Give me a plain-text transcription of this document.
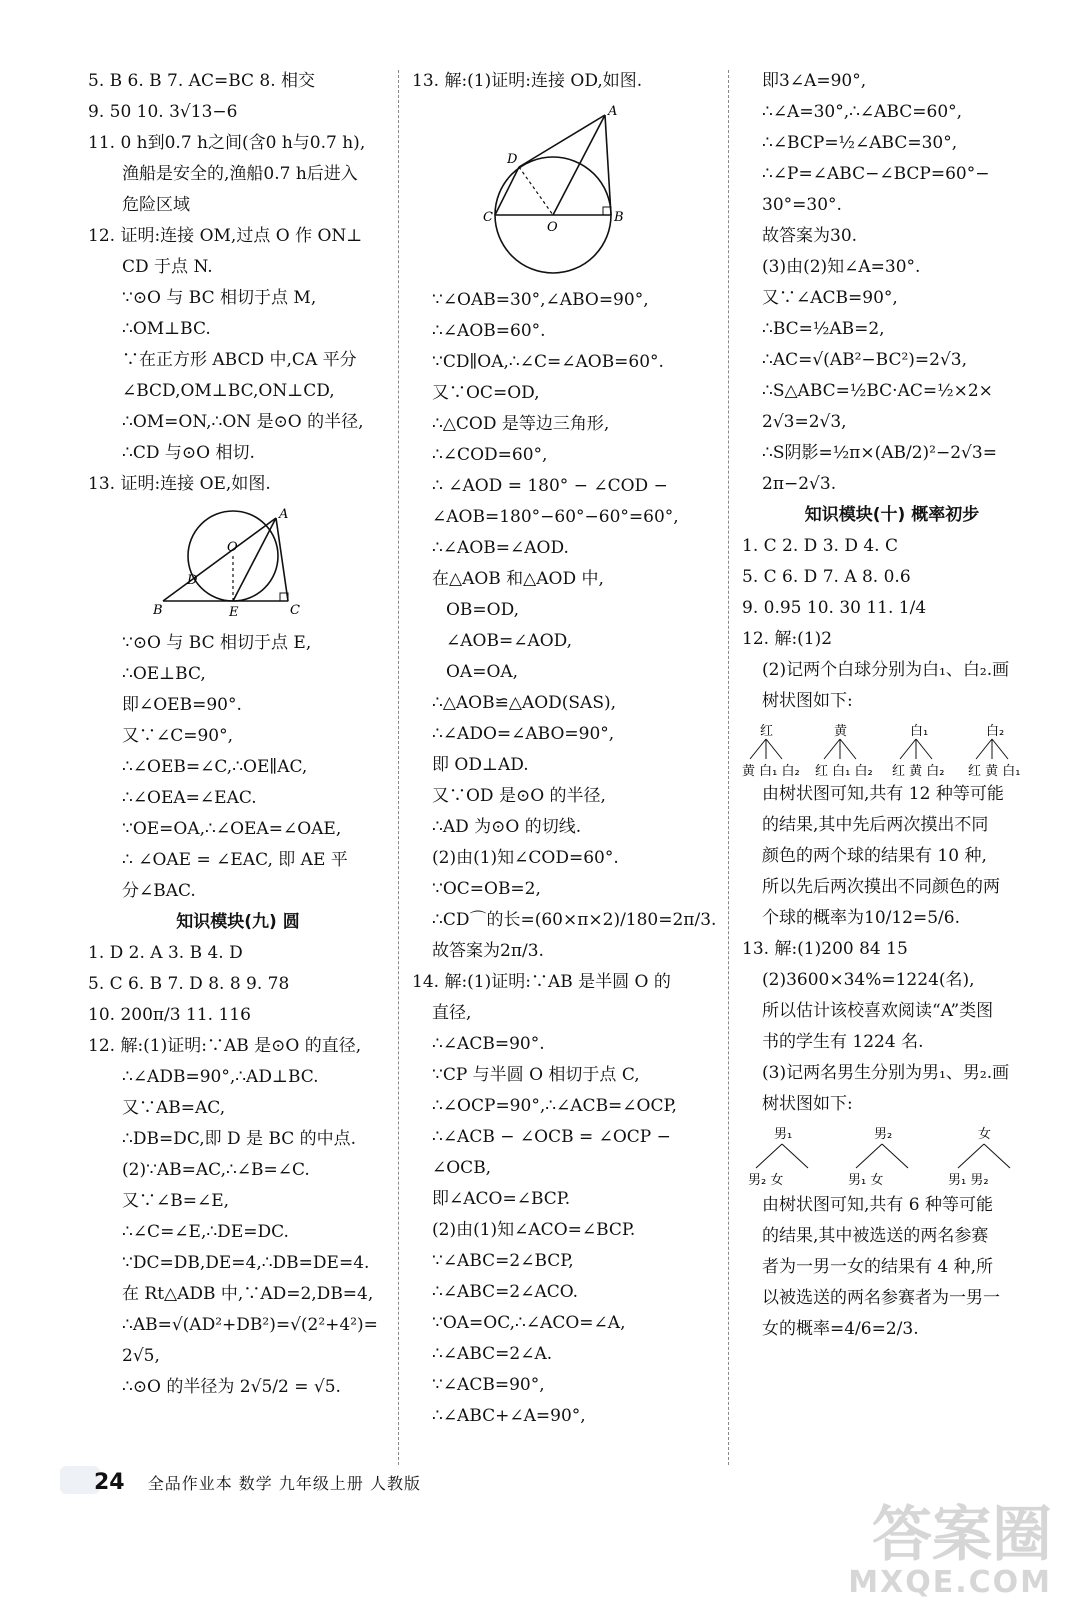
5. B 6. B 7. AC=BC 8. 相交
9. 50 10. 3√13−6
11. 0 h到0.7 h之间(含0 h与0.7 h),
渔船是安全的,渔船0.7 h后进入
危险区域
12. 证明:连接 OM,过点 O 作 ON⊥
CD 于点 N.
∵⊙O 与 BC 相切于点 M,
∴OM⊥BC.
∵在正方形 ABCD 中,CA 平分
∠BCD,OM⊥BC,ON⊥CD,
∴OM=ON,∴ON 是⊙O 的半径,
∴CD 与⊙O 相切.
13. 证明:连接 OE,如图.
A
O
D
B	E	C
∵⊙O 与 BC 相切于点 E,
∴OE⊥BC,
即∠OEB=90°.
又∵∠C=90°,
∴∠OEB=∠C,∴OE∥AC,
∴∠OEA=∠EAC.
∵OE=OA,∴∠OEA=∠OAE,
∴ ∠OAE = ∠EAC, 即 AE 平
分∠BAC.
知识模块(九) 圆
1. D 2. A 3. B 4. D
5. C 6. B 7. D 8. 8 9. 78
10. 200π/3 11. 116
12. 解:(1)证明:∵AB 是⊙O 的直径,
∴∠ADB=90°,∴AD⊥BC.
又∵AB=AC,
∴DB=DC,即 D 是 BC 的中点.
(2)∵AB=AC,∴∠B=∠C.
又∵∠B=∠E,
∴∠C=∠E,∴DE=DC.
∵DC=DB,DE=4,∴DB=DE=4.
在 Rt△ADB 中,∵AD=2,DB=4,
∴AB=√(AD²+DB²)=√(2²+4²)=
2√5,
∴⊙O 的半径为 2√5/2 = √5.
13. 解:(1)证明:连接 OD,如图.
A
D
C
O
B
∵∠OAB=30°,∠ABO=90°,
∴∠AOB=60°.
∵CD∥OA,∴∠C=∠AOB=60°.
又∵OC=OD,
∴△COD 是等边三角形,
∴∠COD=60°,
∴ ∠AOD = 180° − ∠COD −
∠AOB=180°−60°−60°=60°,
∴∠AOB=∠AOD.
在△AOB 和△AOD 中,
OB=OD,
∠AOB=∠AOD,
OA=OA,
∴△AOB≌△AOD(SAS),
∴∠ADO=∠ABO=90°,
即 OD⊥AD.
又∵OD 是⊙O 的半径,
∴AD 为⊙O 的切线.
(2)由(1)知∠COD=60°.
∵OC=OB=2,
∴CD⌒的长=(60×π×2)/180=2π/3.
故答案为2π/3.
14. 解:(1)证明:∵AB 是半圆 O 的
直径,
∴∠ACB=90°.
∵CP 与半圆 O 相切于点 C,
∴∠OCP=90°,∴∠ACB=∠OCP,
∴∠ACB − ∠OCB = ∠OCP −
∠OCB,
即∠ACO=∠BCP.
(2)由(1)知∠ACO=∠BCP.
∵∠ABC=2∠BCP,
∴∠ABC=2∠ACO.
∵OA=OC,∴∠ACO=∠A,
∴∠ABC=2∠A.
∵∠ACB=90°,
∴∠ABC+∠A=90°,
即3∠A=90°,
∴∠A=30°,∴∠ABC=60°,
∴∠BCP=½∠ABC=30°,
∴∠P=∠ABC−∠BCP=60°−
30°=30°.
故答案为30.
(3)由(2)知∠A=30°.
又∵∠ACB=90°,
∴BC=½AB=2,
∴AC=√(AB²−BC²)=2√3,
∴S△ABC=½BC·AC=½×2×
2√3=2√3,
∴S阴影=½π×(AB/2)²−2√3=
2π−2√3.
知识模块(十) 概率初步
1. C 2. D 3. D 4. C
5. C 6. D 7. A 8. 0.6
9. 0.95 10. 30 11. 1/4
12. 解:(1)2
(2)记两个白球分别为白₁、白₂.画
树状图如下:
红
黄 白₁ 白₂
黄
红 白₁ 白₂
白₁
红 黄 白₂
白₂
红 黄 白₁
由树状图可知,共有 12 种等可能
的结果,其中先后两次摸出不同
颜色的两个球的结果有 10 种,
所以先后两次摸出不同颜色的两
个球的概率为10/12=5/6.
13. 解:(1)200 84 15
(2)3600×34%=1224(名),
所以估计该校喜欢阅读“A”类图
书的学生有 1224 名.
(3)记两名男生分别为男₁、男₂.画
树状图如下:
男₁
男₂ 女
男₂
男₁ 女
女
男₁ 男₂
由树状图可知,共有 6 种等可能
的结果,其中被选送的两名参赛
者为一男一女的结果有 4 种,所
以被选送的两名参赛者为一男一
女的概率=4/6=2/3.
24 全品作业本 数学 九年级上册 人教版
答案圈
MXQE.COM
